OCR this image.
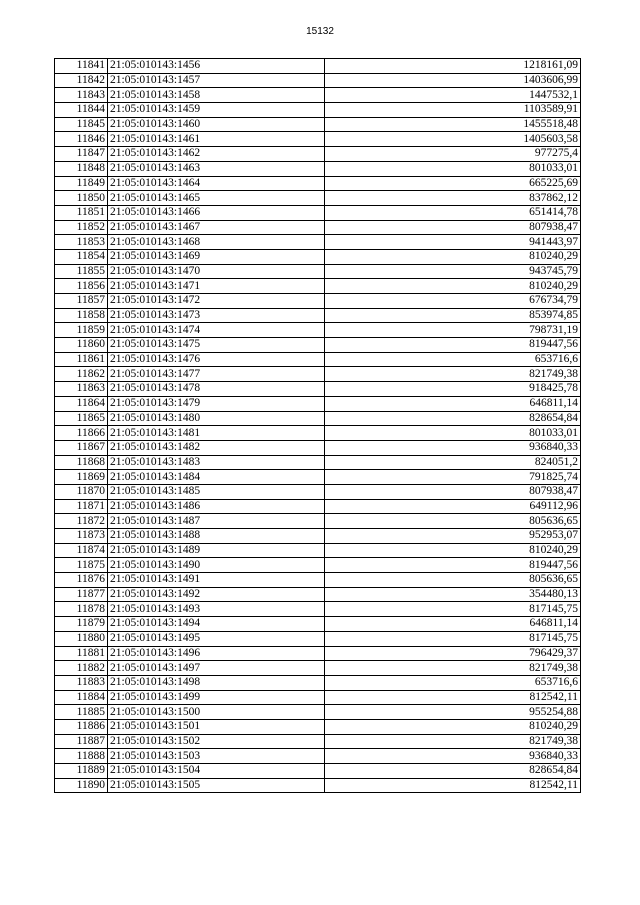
15132
11841	21:05:010143:1456	1218161,09
11842	21:05:010143:1457	1403606,99
11843	21:05:010143:1458	1447532,1
11844	21:05:010143:1459	1103589,91
11845	21:05:010143:1460	1455518,48
11846	21:05:010143:1461	1405603,58
11847	21:05:010143:1462	977275,4
11848	21:05:010143:1463	801033,01
11849	21:05:010143:1464	665225,69
11850	21:05:010143:1465	837862,12
11851	21:05:010143:1466	651414,78
11852	21:05:010143:1467	807938,47
11853	21:05:010143:1468	941443,97
11854	21:05:010143:1469	810240,29
11855	21:05:010143:1470	943745,79
11856	21:05:010143:1471	810240,29
11857	21:05:010143:1472	676734,79
11858	21:05:010143:1473	853974,85
11859	21:05:010143:1474	798731,19
11860	21:05:010143:1475	819447,56
11861	21:05:010143:1476	653716,6
11862	21:05:010143:1477	821749,38
11863	21:05:010143:1478	918425,78
11864	21:05:010143:1479	646811,14
11865	21:05:010143:1480	828654,84
11866	21:05:010143:1481	801033,01
11867	21:05:010143:1482	936840,33
11868	21:05:010143:1483	824051,2
11869	21:05:010143:1484	791825,74
11870	21:05:010143:1485	807938,47
11871	21:05:010143:1486	649112,96
11872	21:05:010143:1487	805636,65
11873	21:05:010143:1488	952953,07
11874	21:05:010143:1489	810240,29
11875	21:05:010143:1490	819447,56
11876	21:05:010143:1491	805636,65
11877	21:05:010143:1492	354480,13
11878	21:05:010143:1493	817145,75
11879	21:05:010143:1494	646811,14
11880	21:05:010143:1495	817145,75
11881	21:05:010143:1496	796429,37
11882	21:05:010143:1497	821749,38
11883	21:05:010143:1498	653716,6
11884	21:05:010143:1499	812542,11
11885	21:05:010143:1500	955254,88
11886	21:05:010143:1501	810240,29
11887	21:05:010143:1502	821749,38
11888	21:05:010143:1503	936840,33
11889	21:05:010143:1504	828654,84
11890	21:05:010143:1505	812542,11
